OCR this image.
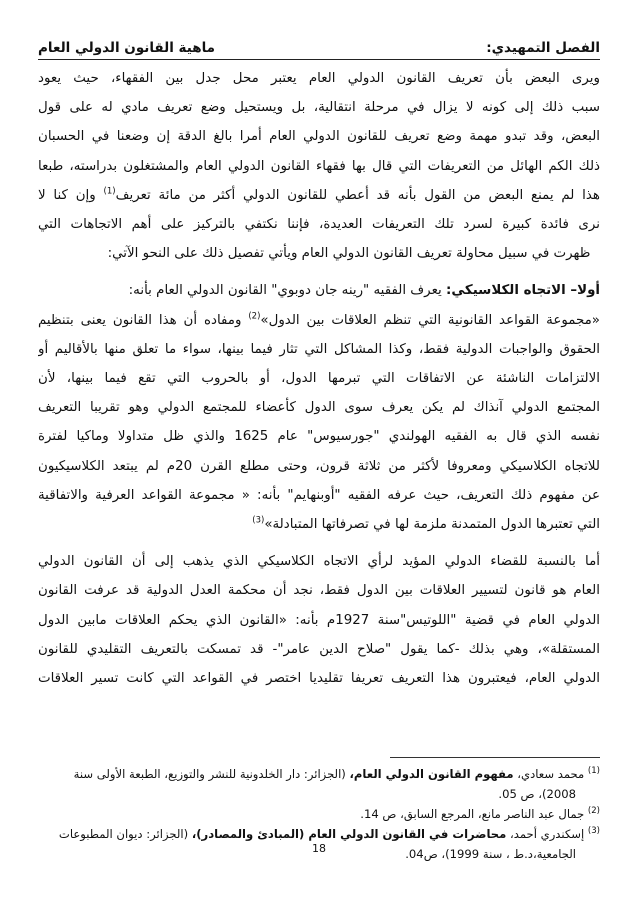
الفصل التمهيدي:
ماهية القانون الدولي العام
ويرى البعض بأن تعريف القانون الدولي العام يعتبر محل جدل بين الفقهاء، حيث يعود
سبب ذلك إلى كونه لا يزال في مرحلة انتقالية، بل ويستحيل وضع تعريف مادي له على قول
البعض، وقد تبدو مهمة وضع تعريف للقانون الدولي العام أمرا بالغ الدقة إن وضعنا في الحسبان
ذلك الكم الهائل من التعريفات التي قال بها فقهاء القانون الدولي العام والمشتغلون بدراسته، طبعا
هذا لم يمنع البعض من القول بأنه قد أعطي للقانون الدولي أكثر من مائة تعريف$^{(1)}$ وإن كنا لا
نرى فائدة كبيرة لسرد تلك التعريفات العديدة، فإننا نكتفي بالتركيز على أهم الاتجاهات التي
ظهرت في سبيل محاولة تعريف القانون الدولي العام ويأتي تفصيل ذلك على النحو الآتي:
أولا– الاتجاه الكلاسيكي: يعرف الفقيه "رينه جان دوبوي" القانون الدولي العام بأنه:
«مجموعة القواعد القانونية التي تنظم العلاقات بين الدول»$^{(2)}$ ومفاده أن هذا القانون يعنى بتنظيم
الحقوق والواجبات الدولية فقط، وكذا المشاكل التي تثار فيما بينها، سواء ما تعلق منها بالأقاليم أو
الالتزامات الناشئة عن الاتفاقات التي تبرمها الدول، أو بالحروب التي تقع فيما بينها، لأن
المجتمع الدولي آنذاك لم يكن يعرف سوى الدول كأعضاء للمجتمع الدولي وهو تقريبا التعريف
نفسه الذي قال به الفقيه الهولندي "جورسيوس" عام 1625 والذي ظل متداولا وماكيا لفترة
للاتجاه الكلاسيكي ومعروفا لأكثر من ثلاثة قرون، وحتى مطلع القرن 20م لم يبتعد الكلاسيكيون
عن مفهوم ذلك التعريف، حيث عرفه الفقيه "أوبنهايم" بأنه: « مجموعة القواعد العرفية والاتفاقية
التي تعتبرها الدول المتمدنة ملزمة لها في تصرفاتها المتبادلة»$^{(3)}$
أما بالنسبة للقضاء الدولي المؤيد لرأي الاتجاه الكلاسيكي الذي يذهب إلى أن القانون الدولي
العام هو قانون لتسيير العلاقات بين الدول فقط، نجد أن محكمة العدل الدولية قد عرفت القانون
الدولي العام في قضية "اللوتيس"سنة 1927م بأنه: «القانون الذي يحكم العلاقات مابين الدول
المستقلة»، وهي بذلك -كما يقول "صلاح الدين عامر"- قد تمسكت بالتعريف التقليدي للقانون
الدولي العام، فيعتبرون هذا التعريف تعريفا تقليديا اختصر في القواعد التي كانت تسير العلاقات
$^{(1)}$ محمد سعادي، مفهوم القانون الدولي العام، (الجزائر: دار الخلدونية للنشر والتوزيع، الطبعة الأولى سنة
2008)، ص 05.
$^{(2)}$ جمال عبد الناصر مانع، المرجع السابق، ص 14.
$^{(3)}$ إسكندري أحمد، محاضرات في القانون الدولي العام (المبادئ والمصادر)، (الجزائر: ديوان المطبوعات
الجامعية،د.ط ، سنة 1999)، ص04.
18
